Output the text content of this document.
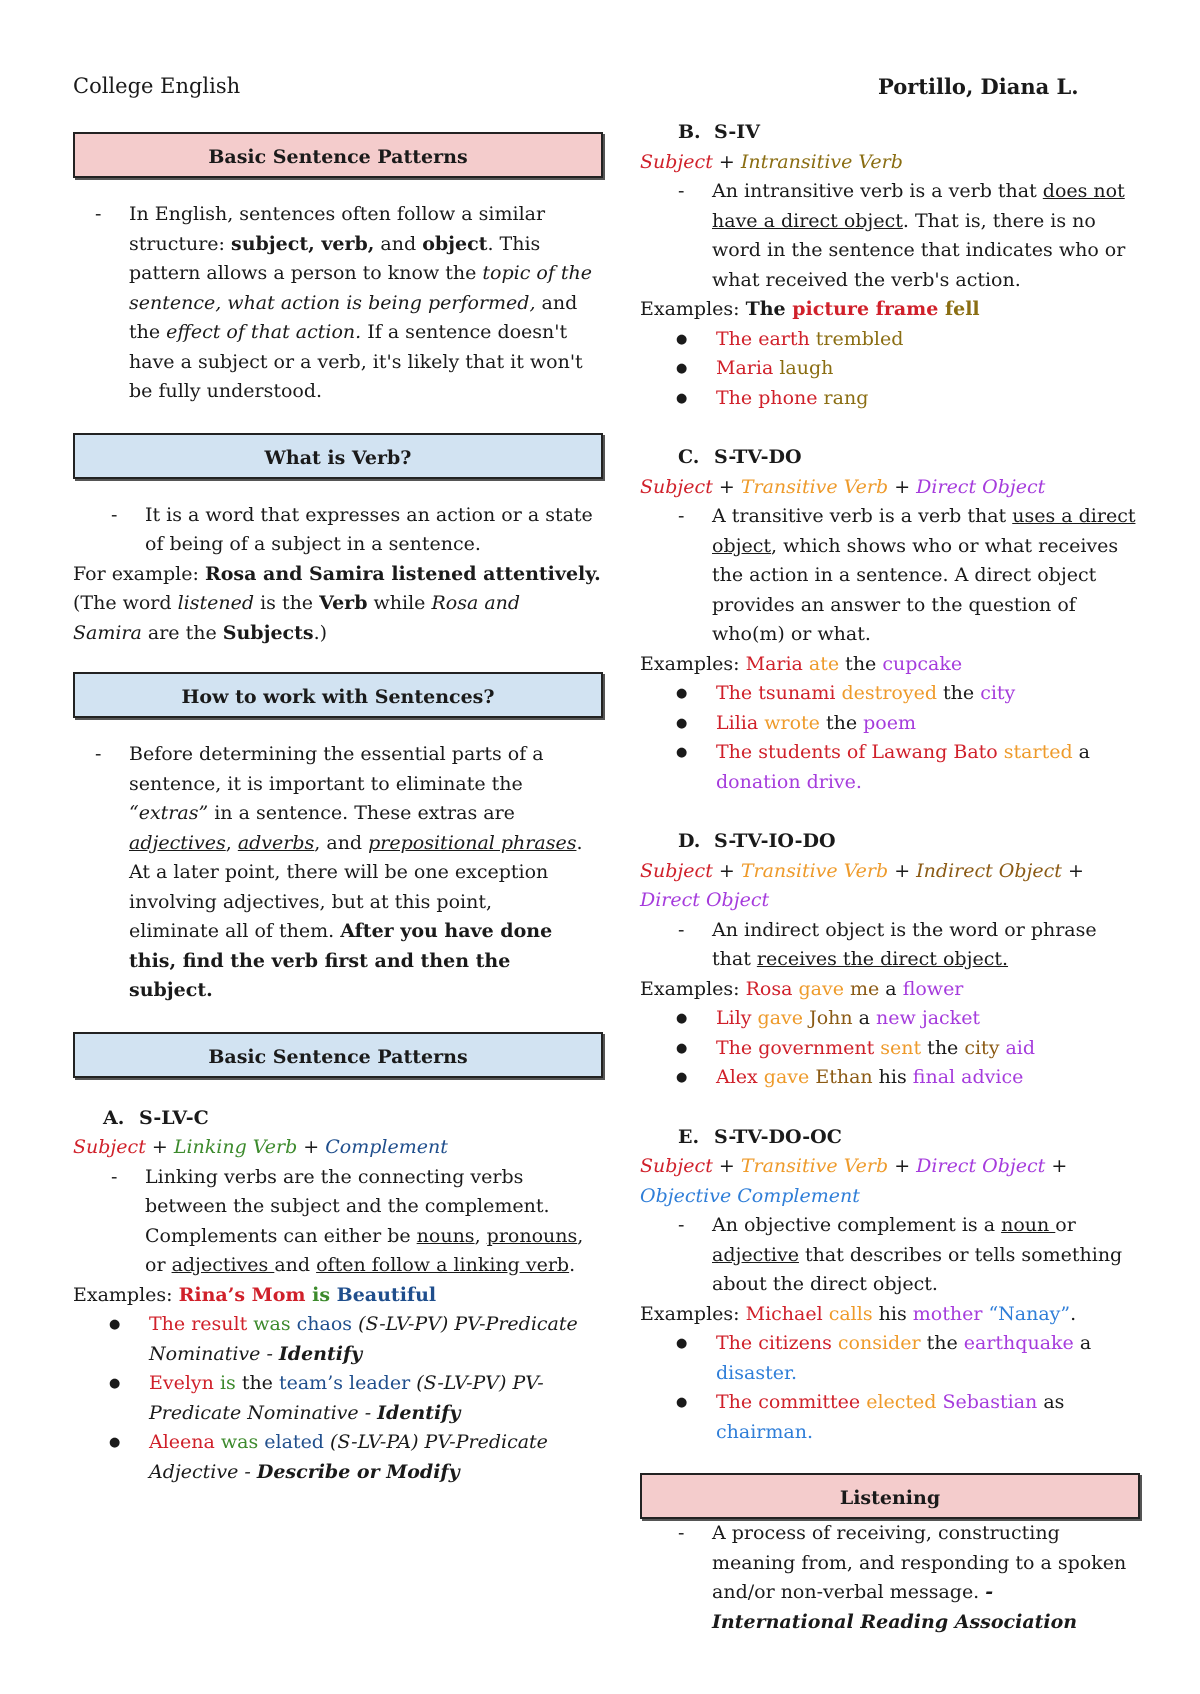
College English	Portillo, Diana L.
Basic Sentence Patterns
-	In English, sentences often follow a similar structure: subject, verb, and object. This pattern allows a person to know the topic of the sentence, what action is being performed, and the effect of that action. If a sentence doesn't have a subject or a verb, it's likely that it won't be fully understood.
What is Verb?
-	It is a word that expresses an action or a state of being of a subject in a sentence.
For example: Rosa and Samira listened attentively.
(The word listened is the Verb while Rosa and Samira are the Subjects.)
How to work with Sentences?
-	Before determining the essential parts of a sentence, it is important to eliminate the “extras” in a sentence. These extras are adjectives, adverbs, and prepositional phrases. At a later point, there will be one exception involving adjectives, but at this point, eliminate all of them. After you have done this, find the verb first and then the subject.
Basic Sentence Patterns
A. S-LV-C
Subject + Linking Verb + Complement
-	Linking verbs are the connecting verbs between the subject and the complement. Complements can either be nouns, pronouns, or adjectives and often follow a linking verb.
Examples: Rina’s Mom is Beautiful
●	The result was chaos (S-LV-PV) PV-Predicate Nominative - Identify
●	Evelyn is the team’s leader (S-LV-PV) PV-Predicate Nominative - Identify
●	Aleena was elated (S-LV-PA) PV-Predicate Adjective - Describe or Modify
B. S-IV
Subject + Intransitive Verb
-	An intransitive verb is a verb that does not have a direct object. That is, there is no word in the sentence that indicates who or what received the verb's action.
Examples: The picture frame fell
●	The earth trembled
●	Maria laugh
●	The phone rang
C. S-TV-DO
Subject + Transitive Verb + Direct Object
-	A transitive verb is a verb that uses a direct object, which shows who or what receives the action in a sentence. A direct object provides an answer to the question of who(m) or what.
Examples: Maria ate the cupcake
●	The tsunami destroyed the city
●	Lilia wrote the poem
●	The students of Lawang Bato started a donation drive.
D. S-TV-IO-DO
Subject + Transitive Verb + Indirect Object + Direct Object
-	An indirect object is the word or phrase that receives the direct object.
Examples: Rosa gave me a flower
●	Lily gave John a new jacket
●	The government sent the city aid
●	Alex gave Ethan his final advice
E. S-TV-DO-OC
Subject + Transitive Verb + Direct Object + Objective Complement
-	An objective complement is a noun or adjective that describes or tells something about the direct object.
Examples: Michael calls his mother “Nanay”.
●	The citizens consider the earthquake a disaster.
●	The committee elected Sebastian as chairman.
Listening
-	A process of receiving, constructing meaning from, and responding to a spoken and/or non-verbal message. - International Reading Association
